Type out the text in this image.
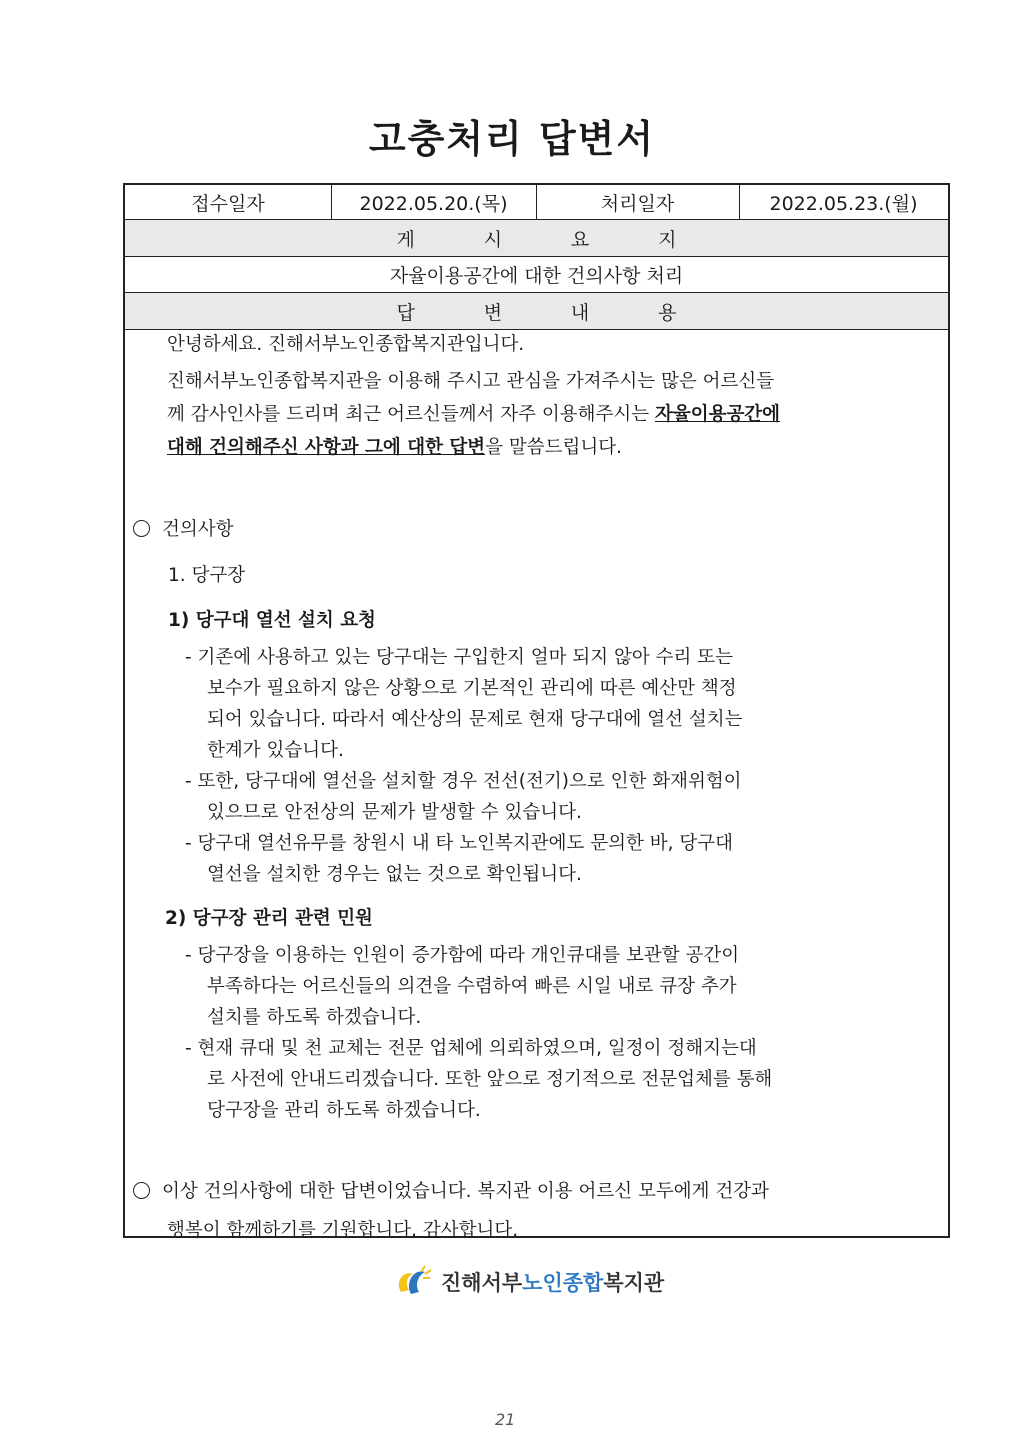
고충처리 답변서
접수일자	2022.05.20.(목)	처리일자	2022.05.23.(월)
게	시	요	지
자율이용공간에 대한 건의사항 처리
답	변	내	용
안녕하세요. 진해서부노인종합복지관입니다.
진해서부노인종합복지관을 이용해 주시고 관심을 가져주시는 많은 어르신들
께 감사인사를 드리며 최근 어르신들께서 자주 이용해주시는 자율이용공간에
대해 건의해주신 사항과 그에 대한 답변을 말씀드립니다.
건의사항
1. 당구장
1) 당구대 열선 설치 요청
- 기존에 사용하고 있는 당구대는 구입한지 얼마 되지 않아 수리 또는
보수가 필요하지 않은 상황으로 기본적인 관리에 따른 예산만 책정
되어 있습니다. 따라서 예산상의 문제로 현재 당구대에 열선 설치는
한계가 있습니다.
- 또한, 당구대에 열선을 설치할 경우 전선(전기)으로 인한 화재위험이
있으므로 안전상의 문제가 발생할 수 있습니다.
- 당구대 열선유무를 창원시 내 타 노인복지관에도 문의한 바, 당구대
열선을 설치한 경우는 없는 것으로 확인됩니다.
2) 당구장 관리 관련 민원
- 당구장을 이용하는 인원이 증가함에 따라 개인큐대를 보관할 공간이
부족하다는 어르신들의 의견을 수렴하여 빠른 시일 내로 큐장 추가
설치를 하도록 하겠습니다.
- 현재 큐대 및 천 교체는 전문 업체에 의뢰하였으며, 일정이 정해지는대
로 사전에 안내드리겠습니다. 또한 앞으로 정기적으로 전문업체를 통해
당구장을 관리 하도록 하겠습니다.
이상 건의사항에 대한 답변이었습니다. 복지관 이용 어르신 모두에게 건강과
행복이 함께하기를 기원합니다. 감사합니다.
진해서부노인종합복지관
21
